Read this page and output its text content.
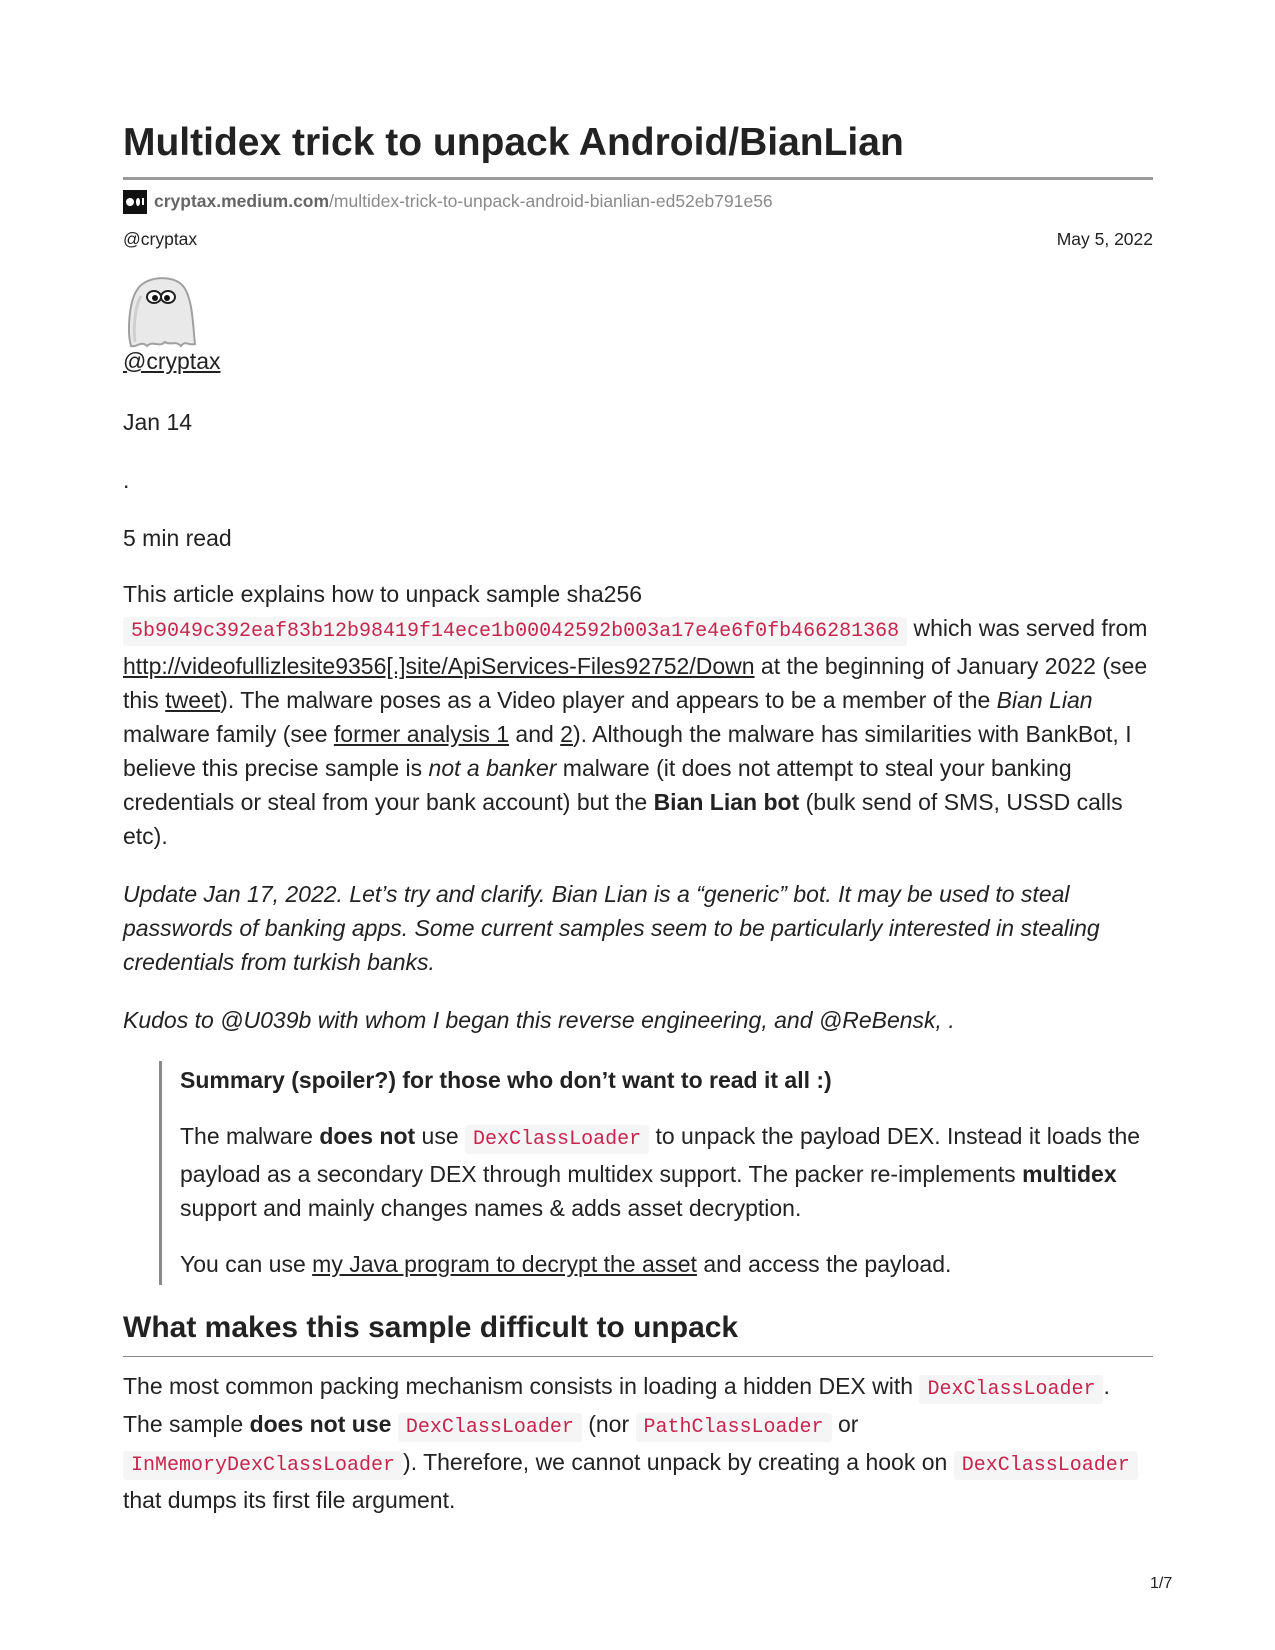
Multidex trick to unpack Android/BianLian
cryptax.medium.com /multidex-trick-to-unpack-android-bianlian-ed52eb791e56
@cryptax	May 5, 2022
@cryptax

Jan 14

.

5 min read

This article explains how to unpack sample sha256 5b9049c392eaf83b12b98419f14ece1b00042592b003a17e4e6f0fb466281368 which was served from http://videofullizlesite9356[.]site/ApiServices-Files92752/Down at the beginning of January 2022 (see this tweet). The malware poses as a Video player and appears to be a member of the Bian Lian malware family (see former analysis 1 and 2). Although the malware has similarities with BankBot, I believe this precise sample is not a banker malware (it does not attempt to steal your banking credentials or steal from your bank account) but the Bian Lian bot (bulk send of SMS, USSD calls etc).

Update Jan 17, 2022. Let’s try and clarify. Bian Lian is a “generic” bot. It may be used to steal passwords of banking apps. Some current samples seem to be particularly interested in stealing credentials from turkish banks.

Kudos to @U039b with whom I began this reverse engineering, and @ReBensk, .

Summary (spoiler?) for those who don’t want to read it all :)

The malware does not use DexClassLoader to unpack the payload DEX. Instead it loads the payload as a secondary DEX through multidex support. The packer re-implements multidex support and mainly changes names & adds asset decryption.

You can use my Java program to decrypt the asset and access the payload.

What makes this sample difficult to unpack

The most common packing mechanism consists in loading a hidden DEX with DexClassLoader . The sample does not use DexClassLoader (nor PathClassLoader or InMemoryDexClassLoader ). Therefore, we cannot unpack by creating a hook on DexClassLoader that dumps its first file argument.

1/7
